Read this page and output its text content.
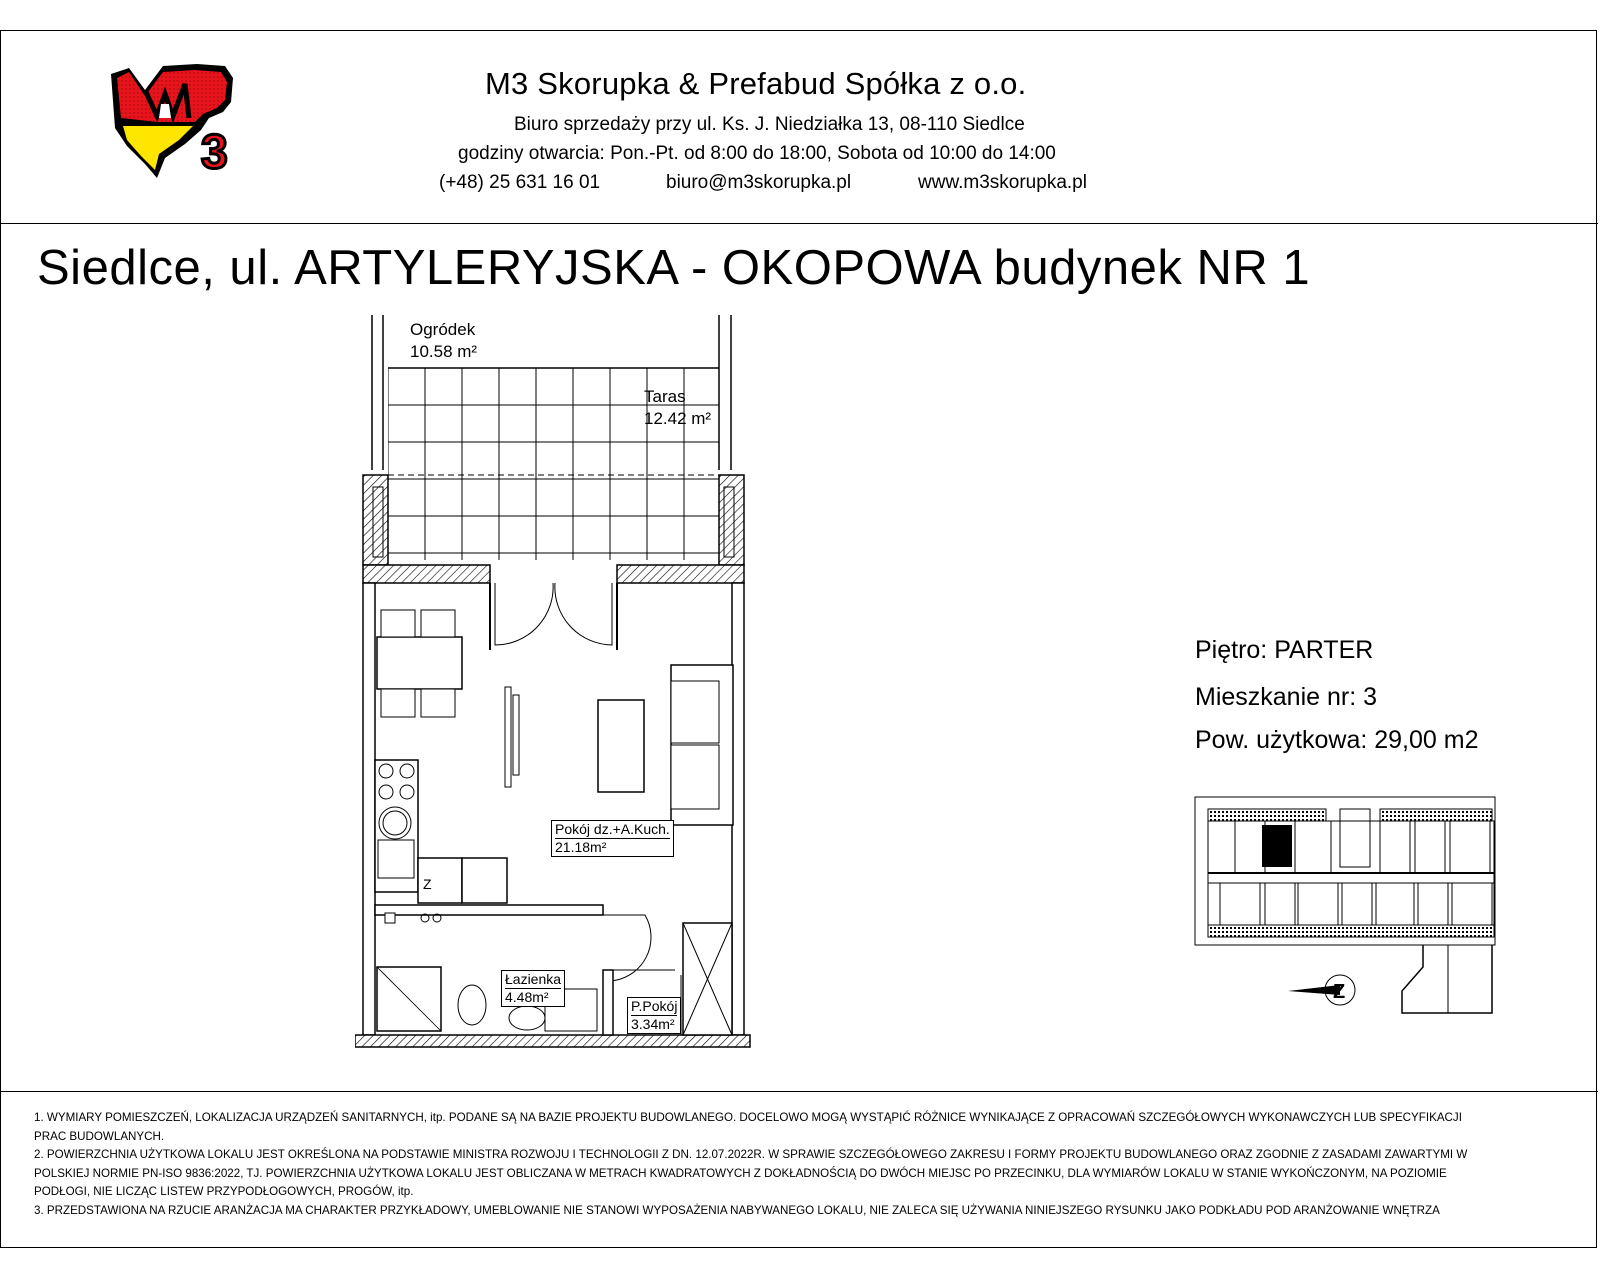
3
M3 Skorupka & Prefabud Spółka z o.o.
Biuro sprzedaży przy ul. Ks. J. Niedziałka 13, 08-110 Siedlce
godziny otwarcia: Pon.-Pt. od 8:00 do 18:00, Sobota od 10:00 do 14:00
(+48) 25 631 16 01	biuro@m3skorupka.pl	www.m3skorupka.pl
Siedlce, ul. ARTYLERYJSKA - OKOPOWA budynek NR 1
Z
Ogródek
10.58 m²
Taras
12.42 m²
Pokój dz.+A.Kuch.
21.18m²
Łazienka
4.48m²
P.Pokój
3.34m²
Piętro: PARTER
Mieszkanie nr: 3
Pow. użytkowa: 29,00 m2
Z

1. WYMIARY POMIESZCZEŃ, LOKALIZACJA URZĄDZEŃ SANITARNYCH, itp. PODANE SĄ NA BAZIE PROJEKTU BUDOWLANEGO. DOCELOWO MOGĄ WYSTĄPIĆ RÓŻNICE WYNIKAJĄCE Z OPRACOWAŃ SZCZEGÓŁOWYCH WYKONAWCZYCH LUB SPECYFIKACJI PRAC BUDOWLANYCH.

2. POWIERZCHNIA UŻYTKOWA LOKALU JEST OKREŚLONA NA PODSTAWIE MINISTRA ROZWOJU I TECHNOLOGII Z DN. 12.07.2022R. W SPRAWIE SZCZEGÓŁOWEGO ZAKRESU I FORMY PROJEKTU BUDOWLANEGO ORAZ ZGODNIE Z ZASADAMI ZAWARTYMI W POLSKIEJ NORMIE PN-ISO 9836:2022, TJ. POWIERZCHNIA UŻYTKOWA LOKALU JEST OBLICZANA W METRACH KWADRATOWYCH Z DOKŁADNOŚCIĄ DO DWÓCH MIEJSC PO PRZECINKU, DLA WYMIARÓW LOKALU W STANIE WYKOŃCZONYM, NA POZIOMIE PODŁOGI, NIE LICZĄC LISTEW PRZYPODŁOGOWYCH, PROGÓW, itp.

3. PRZEDSTAWIONA NA RZUCIE ARANŻACJA MA CHARAKTER PRZYKŁADOWY, UMEBLOWANIE NIE STANOWI WYPOSAŻENIA NABYWANEGO LOKALU, NIE ZALECA SIĘ UŻYWANIA NINIEJSZEGO RYSUNKU JAKO PODKŁADU POD ARANŻOWANIE WNĘTRZA
